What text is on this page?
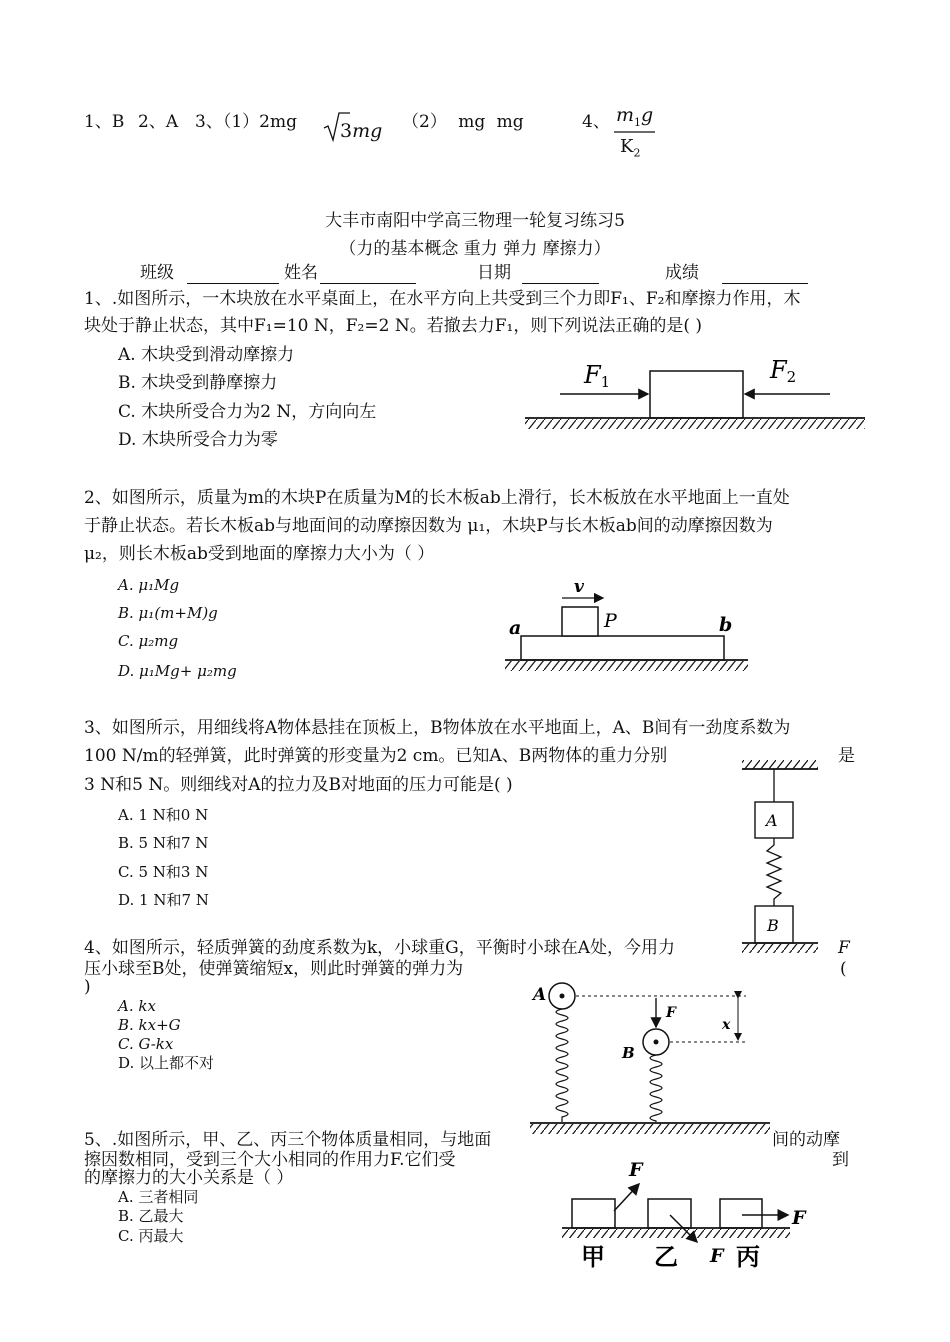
1、B 2、A 3、（1）2mg 3mg （2） mg mg	4、 $m_1g$
$K_2$
大丰市南阳中学高三物理一轮复习练习5
（力的基本概念 重力 弹力 摩擦力）
班级	姓名	日期	成绩
1、.如图所示，一木块放在水平桌面上，在水平方向上共受到三个力即F₁、F₂和摩擦力作用，木
块处于静止状态，其中F₁=10 N，F₂=2 N。若撤去力F₁，则下列说法正确的是( )
A. 木块受到滑动摩擦力
B. 木块受到静摩擦力
C. 木块所受合力为2 N，方向向左
D. 木块所受合力为零
F1	F2
2、如图所示，质量为m的木块P在质量为M的长木板ab上滑行，长木板放在水平地面上一直处
于静止状态。若长木板ab与地面间的动摩擦因数为 μ₁，木块P与长木板ab间的动摩擦因数为
μ₂，则长木板ab受到地面的摩擦力大小为（ ）
A. μ₁Mg
B. μ₁(m+M)g
C. μ₂mg
D. μ₁Mg+ μ₂mg
v
P
a	b
3、如图所示，用细线将A物体悬挂在顶板上，B物体放在水平地面上，A、B间有一劲度系数为
100 N/m的轻弹簧，此时弹簧的形变量为2 cm。已知A、B两物体的重力分别	是
3 N和5 N。则细线对A的拉力及B对地面的压力可能是( )
A. 1 N和0 N
B. 5 N和7 N
C. 5 N和3 N
D. 1 N和7 N
A
B
4、如图所示，轻质弹簧的劲度系数为k，小球重G，平衡时小球在A处，今用力	F
压小球至B处，使弹簧缩短x，则此时弹簧的弹力为	(
)
A. kx
B. kx+G
C. G-kx
D. 以上都不对
A
B
F
x
5、.如图所示，甲、乙、丙三个物体质量相同，与地面	间的动摩
擦因数相同，受到三个大小相同的作用力F.它们受	到
的摩擦力的大小关系是（ ）
A. 三者相同
B. 乙最大
C. 丙最大
F
F
F
甲 乙 丙
